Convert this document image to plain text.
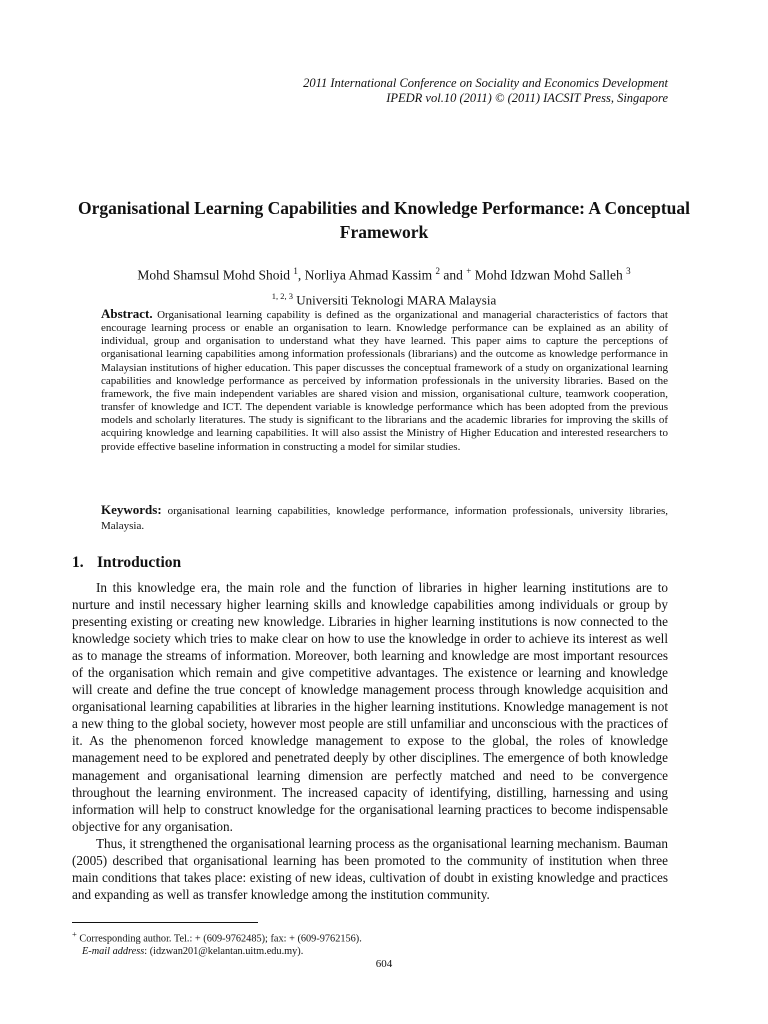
2011 International Conference on Sociality and Economics Development
IPEDR vol.10 (2011) © (2011) IACSIT Press, Singapore
Organisational Learning Capabilities and Knowledge Performance: A Conceptual Framework
Mohd Shamsul Mohd Shoid $^1$, Norliya Ahmad Kassim $^2$ and + Mohd Idzwan Mohd Salleh $^3$
$^{1, 2, 3}$ Universiti Teknologi MARA Malaysia
Abstract. Organisational learning capability is defined as the organizational and managerial characteristics of factors that encourage learning process or enable an organisation to learn. Knowledge performance can be explained as an ability of individual, group and organisation to understand what they have learned. This paper aims to capture the perceptions of organisational learning capabilities among information professionals (librarians) and the outcome as knowledge performance in Malaysian institutions of higher education. This paper discusses the conceptual framework of a study on organizational learning capabilities and knowledge performance as perceived by information professionals in the university libraries. Based on the framework, the five main independent variables are shared vision and mission, organisational culture, teamwork cooperation, transfer of knowledge and ICT. The dependent variable is knowledge performance which has been adopted from the previous models and scholarly literatures. The study is significant to the librarians and the academic libraries for improving the skills of acquiring knowledge and learning capabilities. It will also assist the Ministry of Higher Education and interested researchers to provide effective baseline information in constructing a model for similar studies.
Keywords: organisational learning capabilities, knowledge performance, information professionals, university libraries, Malaysia.
1. Introduction

In this knowledge era, the main role and the function of libraries in higher learning institutions are to nurture and instil necessary higher learning skills and knowledge capabilities among individuals or group by presenting existing or creating new knowledge. Libraries in higher learning institutions is now connected to the knowledge society which tries to make clear on how to use the knowledge in order to achieve its interest as well as to manage the streams of information. Moreover, both learning and knowledge are most important resources of the organisation which remain and give competitive advantages. The existence or learning and knowledge will create and define the true concept of knowledge management process through knowledge acquisition and organisational learning capabilities at libraries in the higher learning institutions. Knowledge management is not a new thing to the global society, however most people are still unfamiliar and unconscious with the practices of it. As the phenomenon forced knowledge management to expose to the global, the roles of knowledge management need to be explored and penetrated deeply by other disciplines. The emergence of both knowledge management and organisational learning dimension are perfectly matched and need to be convergence throughout the learning environment. The increased capacity of identifying, distilling, harnessing and using information will help to construct knowledge for the organisational learning practices to become indispensable objective for any organisation.

Thus, it strengthened the organisational learning process as the organisational learning mechanism. Bauman (2005) described that organisational learning has been promoted to the community of institution when three main conditions that takes place: existing of new ideas, cultivation of doubt in existing knowledge and practices and expanding as well as transfer knowledge among the institution community.

+ Corresponding author. Tel.: + (609-9762485); fax: + (609-9762156).
E-mail address: (idzwan201@kelantan.uitm.edu.my).
604
